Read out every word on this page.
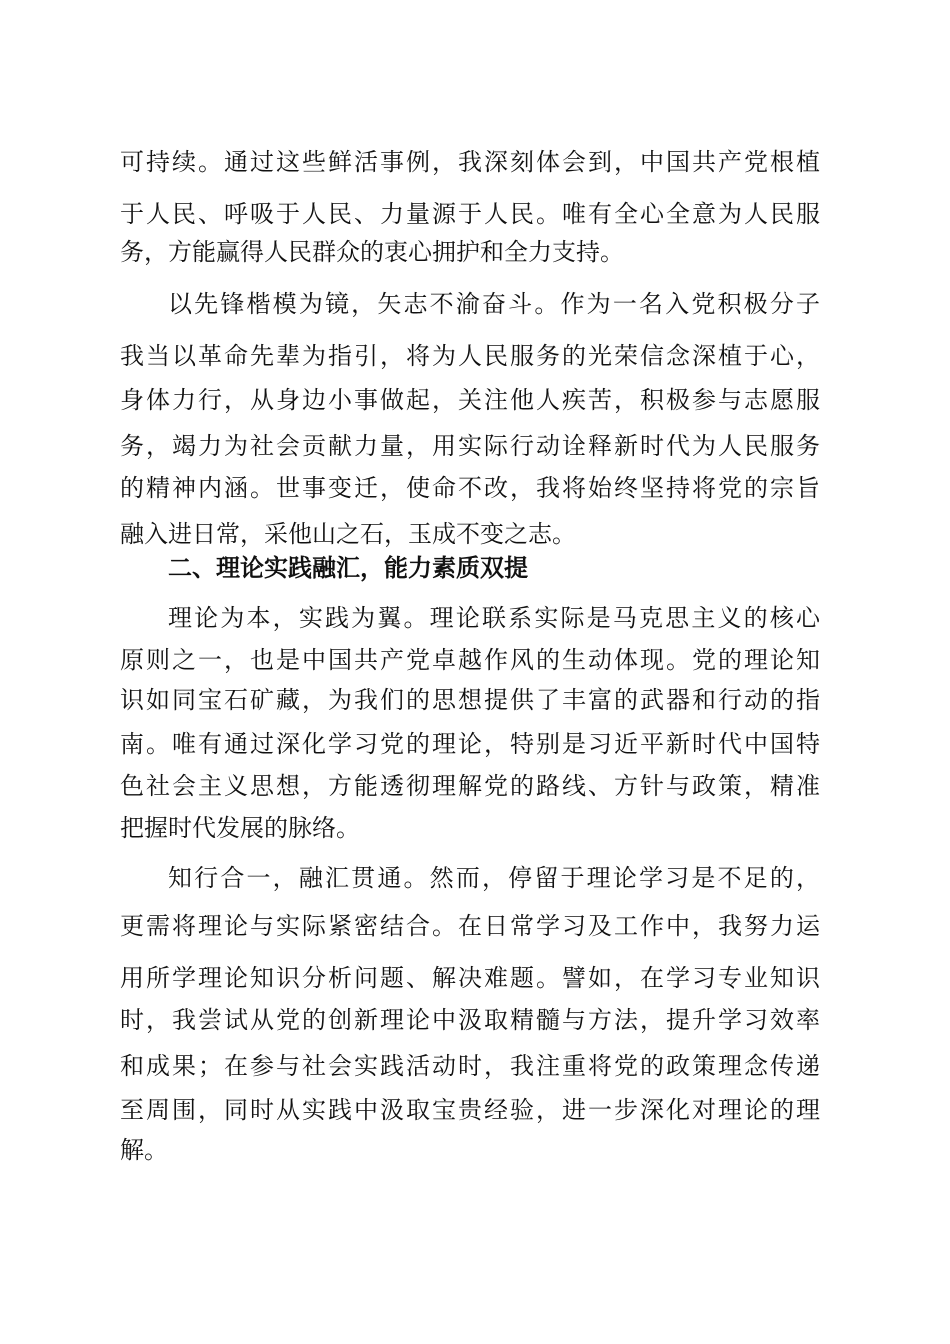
可持续。通过这些鲜活事例，我深刻体会到，中国共产党根植
于人民、呼吸于人民、力量源于人民。唯有全心全意为人民服
务，方能赢得人民群众的衷心拥护和全力支持。
以先锋楷模为镜，矢志不渝奋斗。作为一名入党积极分子
我当以革命先辈为指引，将为人民服务的光荣信念深植于心，
身体力行，从身边小事做起，关注他人疾苦，积极参与志愿服
务，竭力为社会贡献力量，用实际行动诠释新时代为人民服务
的精神内涵。世事变迁，使命不改，我将始终坚持将党的宗旨
融入进日常，采他山之石，玉成不变之志。
二、理论实践融汇，能力素质双提
理论为本，实践为翼。理论联系实际是马克思主义的核心
原则之一，也是中国共产党卓越作风的生动体现。党的理论知
识如同宝石矿藏，为我们的思想提供了丰富的武器和行动的指
南。唯有通过深化学习党的理论，特别是习近平新时代中国特
色社会主义思想，方能透彻理解党的路线、方针与政策，精准
把握时代发展的脉络。
知行合一，融汇贯通。然而，停留于理论学习是不足的，
更需将理论与实际紧密结合。在日常学习及工作中，我努力运
用所学理论知识分析问题、解决难题。譬如，在学习专业知识
时，我尝试从党的创新理论中汲取精髓与方法，提升学习效率
和成果；在参与社会实践活动时，我注重将党的政策理念传递
至周围，同时从实践中汲取宝贵经验，进一步深化对理论的理
解。
